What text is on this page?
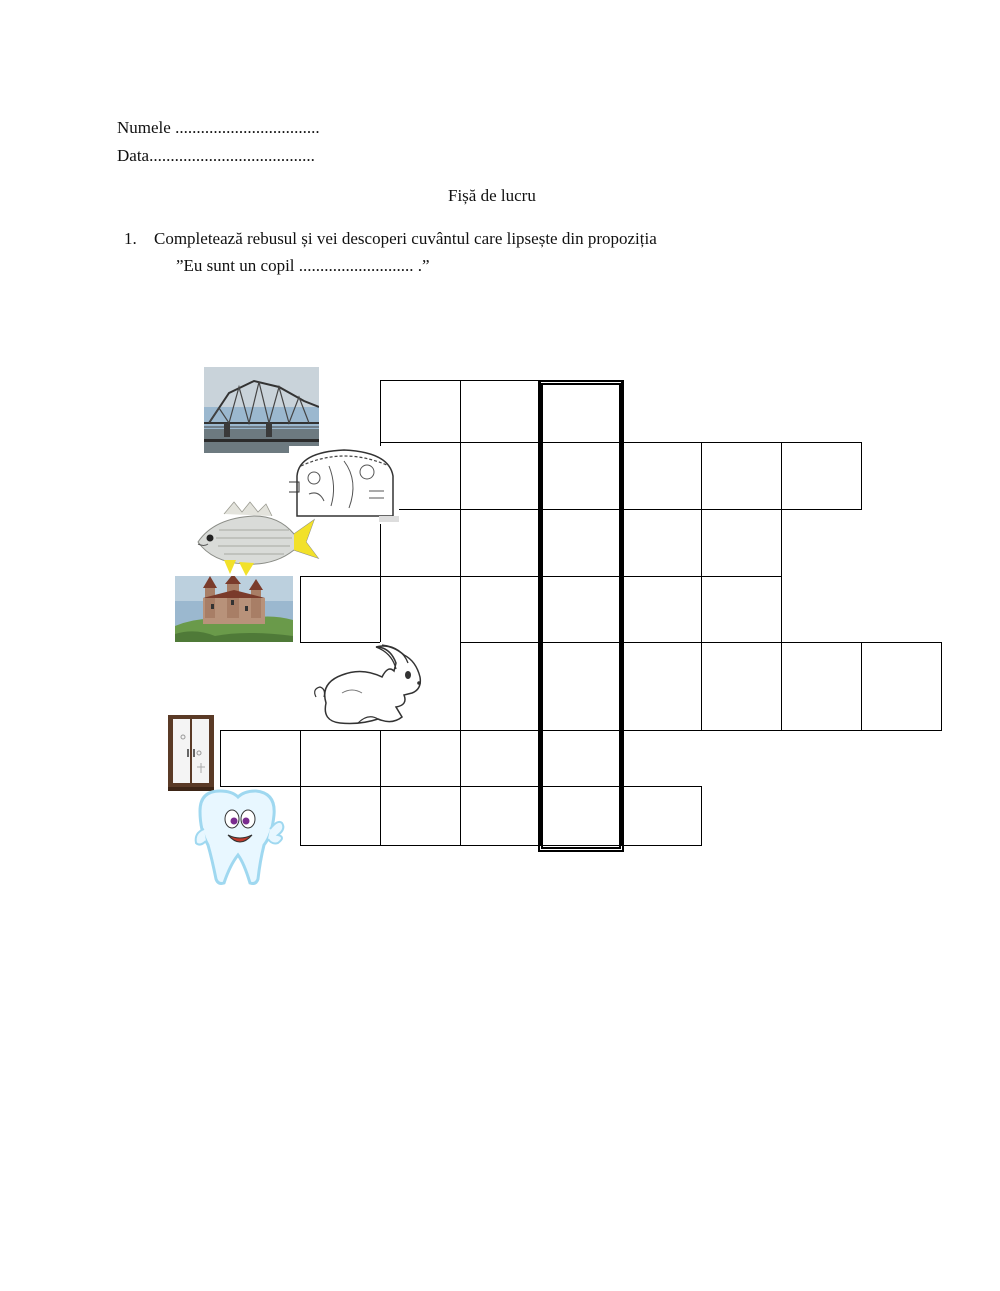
Numele ..................................
Data.......................................
Fișă de lucru
1. Completează rebusul și vei descoperi cuvântul care lipsește din propoziția
”Eu sunt un copil ........................... .”
